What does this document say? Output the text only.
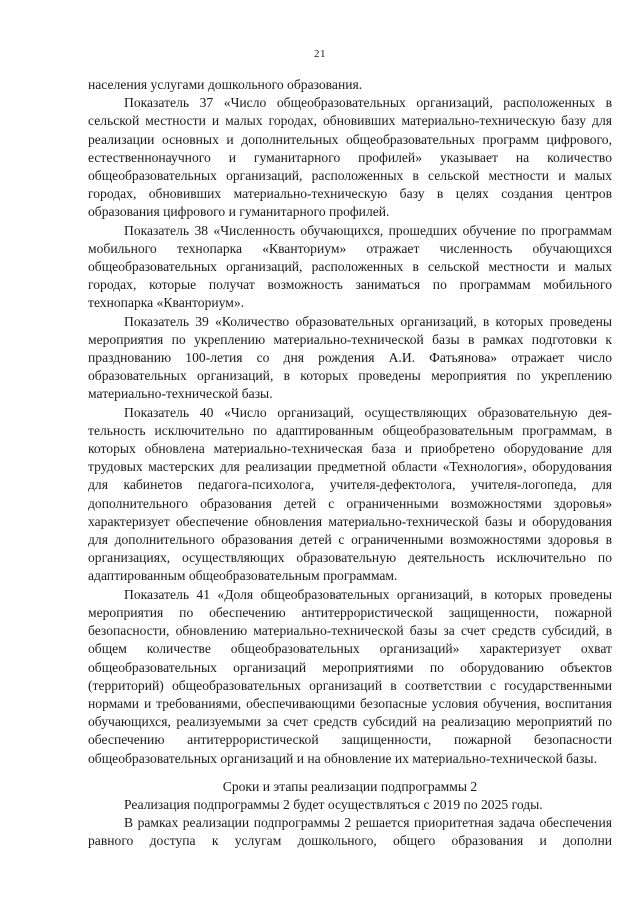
21

населения услугами дошкольного образования.

Показатель 37 «Число общеобразовательных организаций, расположенных в сельской местности и малых городах, обновивших материально-техническую базу для реализации основных и дополнительных общеобразовательных программ цифрового, естественнонаучного и гуманитарного профилей» указывает на количество общеобразовательных организаций, расположенных в сельской местности и малых городах, обновивших материально-техническую базу в целях создания центров образования цифрового и гуманитарного профилей.

Показатель 38 «Численность обучающихся, прошедших обучение по программам мобильного технопарка «Кванториум» отражает численность обучающихся общеобразовательных организаций, расположенных в сельской местности и малых городах, которые получат возможность заниматься по программам мобильного технопарка «Кванториум».

Показатель 39 «Количество образовательных организаций, в которых проведены мероприятия по укреплению материально-технической базы в рамках подготовки к празднованию 100-летия со дня рождения А.И. Фатьянова» отражает число образовательных организаций, в которых проведены мероприятия по укреплению материально-технической базы.

Показатель 40 «Число организаций, осуществляющих образовательную деятельность исключительно по адаптированным общеобразовательным программам, в которых обновлена материально-техническая база и приобретено оборудование для трудовых мастерских для реализации предметной области «Технология», оборудования для кабинетов педагога-психолога, учителя-дефектолога, учителя-логопеда, для дополнительного образования детей с ограниченными возможностями здоровья» характеризует обеспечение обновления материально-технической базы и оборудования для дополнительного образования детей с ограниченными возможностями здоровья в организациях, осуществляющих образовательную деятельность исключительно по адаптированным общеобразовательным программам.

Показатель 41 «Доля общеобразовательных организаций, в которых проведены мероприятия по обеспечению антитеррористической защищенности, пожарной безопасности, обновлению материально-технической базы за счет средств субсидий, в общем количестве общеобразовательных организаций» характеризует охват общеобразовательных организаций мероприятиями по оборудованию объектов (территорий) общеобразовательных организаций в соответствии с государственными нормами и требованиями, обеспечивающими безопасные условия обучения, воспитания обучающихся, реализуемыми за счет средств субсидий на реализацию мероприятий по обеспечению антитеррористической защищенности, пожарной безопасности общеобразовательных организаций и на обновление их материально-технической базы.

Сроки и этапы реализации подпрограммы 2

Реализация подпрограммы 2 будет осуществляться с 2019 по 2025 годы.

В рамках реализации подпрограммы 2 решается приоритетная задача обеспечения равного доступа к услугам дошкольного, общего образования и дополни
